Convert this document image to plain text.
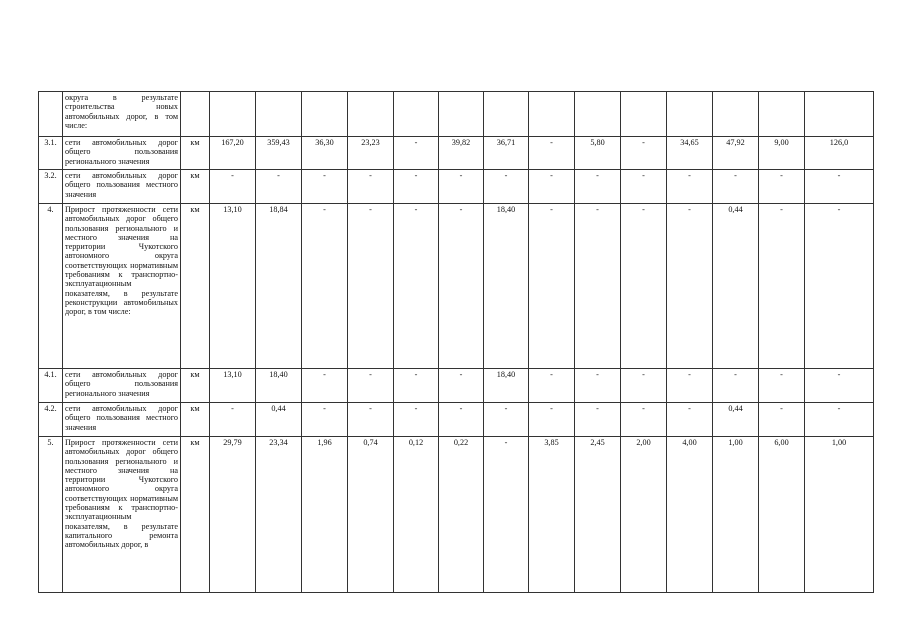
	округа в результате строительства новых автомобильных дорог, в том числе:																
3.1.	сети автомобильных дорог общего пользования регионального значения	км	167,20	359,43	36,30	23,23	-	39,82	36,71	-	5,80	-	34,65	47,92	9,00	126,0	
3.2.	сети автомобильных дорог общего пользования местного значения	км	-	-	-	-	-	-	-	-	-	-	-	-	-	-	
4.	Прирост протяженности сети автомобильных дорог общего пользования регионального и местного значения на территории Чукотского автономного округа соответствующих нормативным требованиям к транспортно-эксплуатационным показателям, в результате реконструкции автомобильных дорог, в том числе:	км	13,10	18,84	-	-	-	-	18,40	-	-	-	-	0,44	-	-	
4.1.	сети автомобильных дорог общего пользования регионального значения	км	13,10	18,40	-	-	-	-	18,40	-	-	-	-	-	-	-	
4.2.	сети автомобильных дорог общего пользования местного значения	км	-	0,44	-	-	-	-	-	-	-	-	-	0,44	-	-	
5.	Прирост протяженности сети автомобильных дорог общего пользования регионального и местного значения на территории Чукотского автономного округа соответствующих нормативным требованиям к транспортно-эксплуатационным показателям, в результате капитального ремонта автомобильных дорог, в	км	29,79	23,34	1,96	0,74	0,12	0,22	-	3,85	2,45	2,00	4,00	1,00	6,00	1,00	
